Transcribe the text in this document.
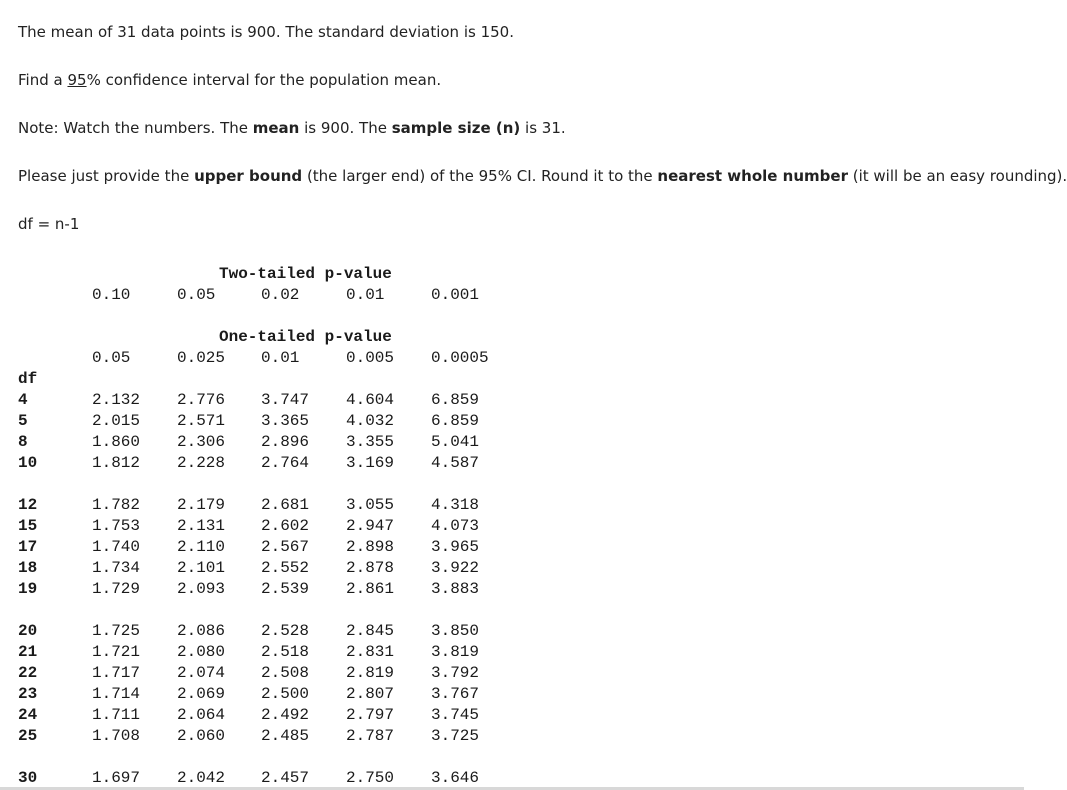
The mean of 31 data points is 900. The standard deviation is 150.

Find a 95% confidence interval for the population mean.

Note: Watch the numbers. The mean is 900. The sample size (n) is 31.

Please just provide the upper bound (the larger end) of the 95% CI. Round it to the nearest whole number (it will be an easy rounding).

df = n-1

Two-tailed p-value
0.10	0.05	0.02	0.01	0.001
One-tailed p-value
0.05	0.025 0.01	0.005 0.0005
df
4	2.132 2.776 3.747 4.604 6.859
5	2.015 2.571 3.365 4.032 6.859
8	1.860 2.306 2.896 3.355 5.041
10	1.812 2.228 2.764 3.169 4.587
12	1.782 2.179 2.681 3.055 4.318
15	1.753 2.131 2.602 2.947 4.073
17	1.740 2.110 2.567 2.898 3.965
18	1.734 2.101 2.552 2.878 3.922
19	1.729 2.093 2.539 2.861 3.883
20	1.725 2.086 2.528 2.845 3.850
21	1.721 2.080 2.518 2.831 3.819
22	1.717 2.074 2.508 2.819 3.792
23	1.714 2.069 2.500 2.807 3.767
24	1.711 2.064 2.492 2.797 3.745
25	1.708 2.060 2.485 2.787 3.725
30	1.697 2.042 2.457 2.750 3.646
